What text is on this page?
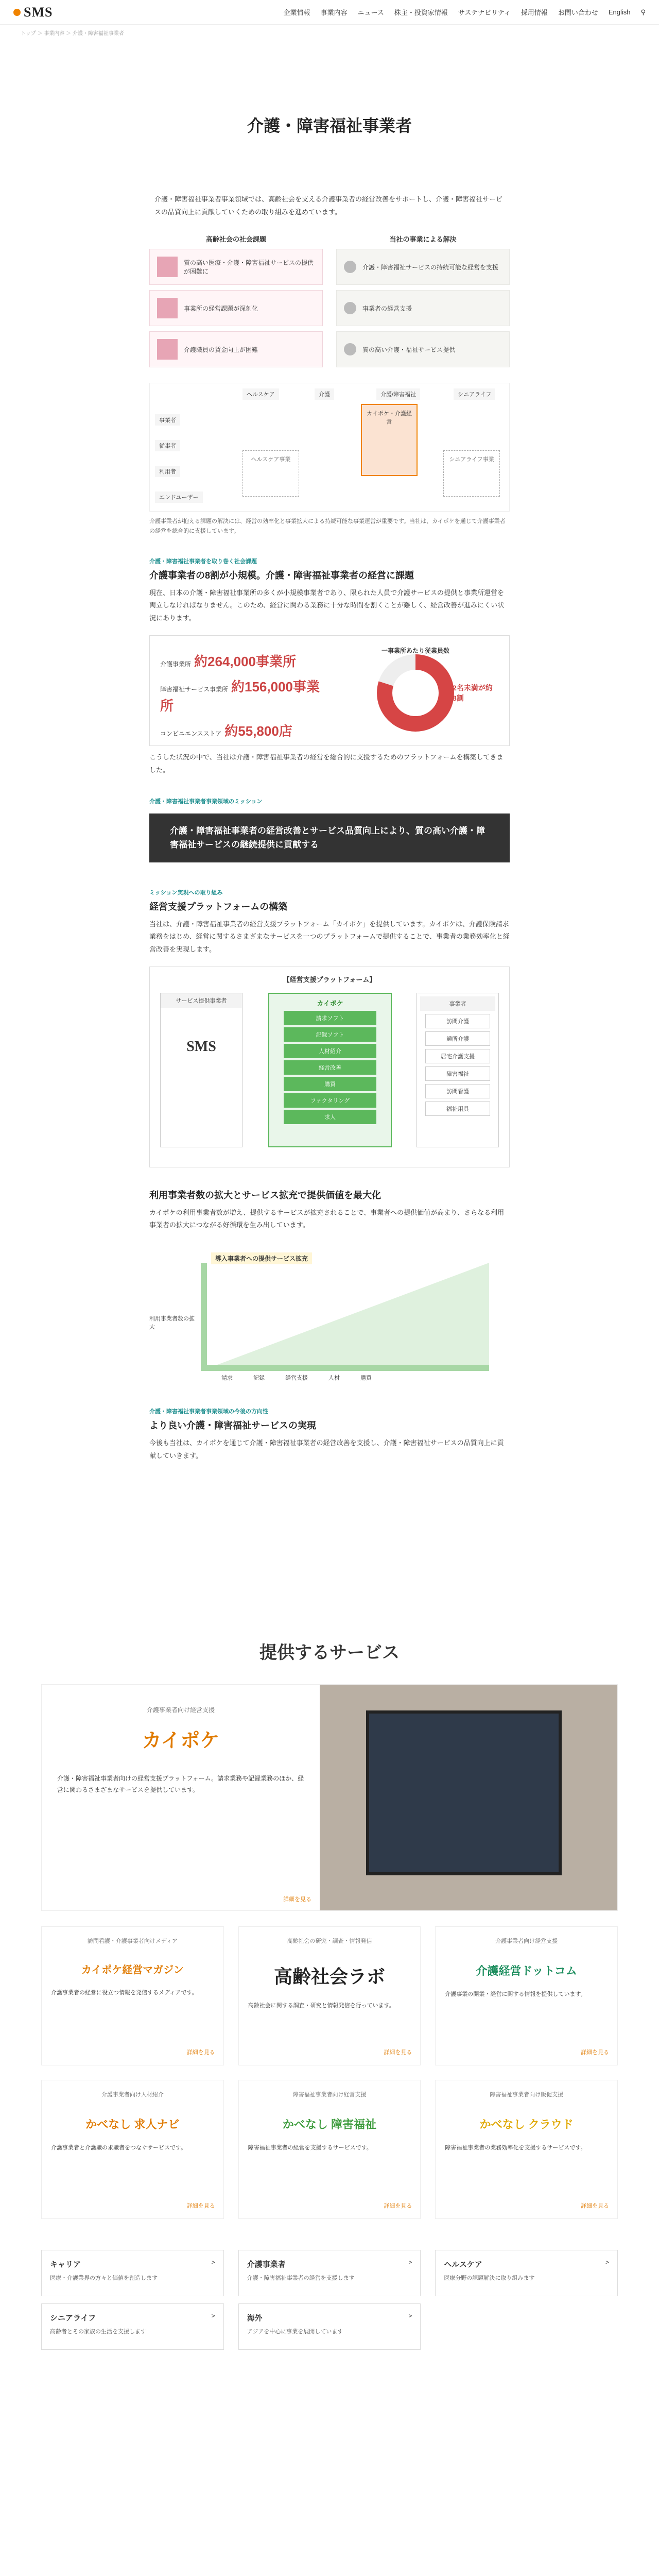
SMS	企業情報 事業内容 ニュース 株主・投資家情報 サステナビリティ 採用情報 お問い合わせ English ⚲
トップ ＞ 事業内容 ＞ 介護・障害福祉事業者
介護・障害福祉事業者

介護・障害福祉事業者事業領域では、高齢社会を支える介護事業者の経営改善をサポートし、介護・障害福祉サービスの品質向上に貢献していくための取り組みを進めています。

高齢社会の社会課題
質の高い医療・介護・障害福祉サービスの提供が困難に
事業所の経営課題が深刻化
介護職員の賃金向上が困難
当社の事業による解決
介護・障害福祉サービスの持続可能な経営を支援
事業者の経営支援
質の高い介護・福祉サービス提供
ヘルスケア	介護	介護/障害福祉	シニアライフ
事業者
従事者
利用者
エンドユーザー
カイポケ・介護経営
ヘルスケア事業	シニアライフ事業

介護事業者が抱える課題の解決には、経営の効率化と事業拡大による持続可能な事業運営が重要です。当社は、カイポケを通じて介護事業者の経営を総合的に支援しています。

介護・障害福祉事業者を取り巻く社会課題
介護事業者の8割が小規模。介護・障害福祉事業者の経営に課題

現在、日本の介護・障害福祉事業所の多くが小規模事業者であり、限られた人員で介護サービスの提供と事業所運営を両立しなければなりません。このため、経営に関わる業務に十分な時間を割くことが難しく、経営改善が進みにくい状況にあります。

介護事業所 約264,000事業所
障害福祉サービス事業所 約156,000事業所
コンビニエンスストア 約55,800店
一事業所あたり従業員数
2名未満が約8割

こうした状況の中で、当社は介護・障害福祉事業者の経営を総合的に支援するためのプラットフォームを構築してきました。

介護・障害福祉事業者事業領域のミッション
介護・障害福祉事業者の経営改善とサービス品質向上により、質の高い介護・障害福祉サービスの継続提供に貢献する
ミッション実現への取り組み
経営支援プラットフォームの構築

当社は、介護・障害福祉事業者の経営支援プラットフォーム「カイポケ」を提供しています。カイポケは、介護保険請求業務をはじめ、経営に関するさまざまなサービスを一つのプラットフォームで提供することで、事業者の業務効率化と経営改善を実現します。

【経営支援プラットフォーム】
サービス提供事業者
SMS
カイポケ
請求ソフト
記録ソフト
人材紹介
経営改善
購買
ファクタリング
求人
事業者
訪問介護
通所介護
居宅介護支援
障害福祉
訪問看護
福祉用具
利用事業者数の拡大とサービス拡充で提供価値を最大化

カイポケの利用事業者数が増え、提供するサービスが拡充されることで、事業者への提供価値が高まり、さらなる利用事業者の拡大につながる好循環を生み出しています。

導入事業者への提供サービス拡充
利用事業者数の拡大
請求	記録	経営支援	人材	購買
介護・障害福祉事業者事業領域の今後の方向性
より良い介護・障害福祉サービスの実現

今後も当社は、カイポケを通じて介護・障害福祉事業者の経営改善を支援し、介護・障害福祉サービスの品質向上に貢献していきます。

提供するサービス
介護事業者向け経営支援
カイポケ

介護・障害福祉事業者向けの経営支援プラットフォーム。請求業務や記録業務のほか、経営に関わるさまざまなサービスを提供しています。

詳細を見る
訪問看護・介護事業者向けメディア
カイポケ経営マガジン

介護事業者の経営に役立つ情報を発信するメディアです。

詳細を見る
高齢社会の研究・調査・情報発信
高齢社会ラボ

高齢社会に関する調査・研究と情報発信を行っています。

詳細を見る
介護事業者向け経営支援
介護経営ドットコム

介護事業の開業・経営に関する情報を提供しています。

詳細を見る
介護事業者向け人材紹介
かべなし 求人ナビ

介護事業者と介護職の求職者をつなぐサービスです。

詳細を見る
障害福祉事業者向け経営支援
かべなし 障害福祉

障害福祉事業者の経営を支援するサービスです。

詳細を見る
障害福祉事業者向け販促支援
かべなし クラウド

障害福祉事業者の業務効率化を支援するサービスです。

詳細を見る
キャリア

医療・介護業界の方々と価値を創造します

>	介護事業者

介護・障害福祉事業者の経営を支援します

>	ヘルスケア

医療分野の課題解決に取り組みます

>
シニアライフ

高齢者とその家族の生活を支援します

>	海外

アジアを中心に事業を展開しています

>
